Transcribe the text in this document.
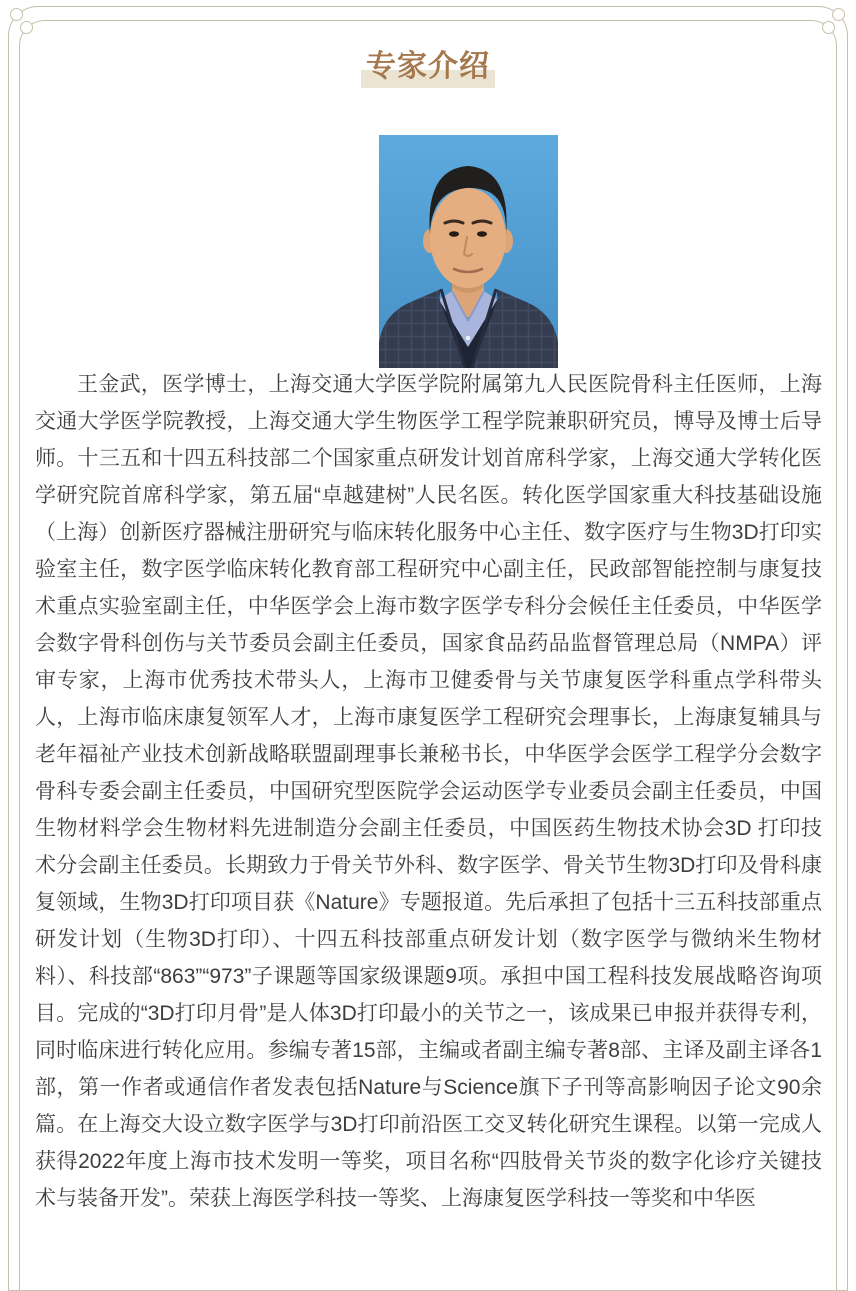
专家介绍

王金武，医学博士，上海交通大学医学院附属第九人民医院骨科主任医师，上海交通大学医学院教授，上海交通大学生物医学工程学院兼职研究员，博导及博士后导师。十三五和十四五科技部二个国家重点研发计划首席科学家，上海交通大学转化医学研究院首席科学家，第五届“卓越建树”人民名医。转化医学国家重大科技基础设施（上海）创新医疗器械注册研究与临床转化服务中心主任、数字医疗与生物3D打印实验室主任，数字医学临床转化教育部工程研究中心副主任，民政部智能控制与康复技术重点实验室副主任，中华医学会上海市数字医学专科分会候任主任委员，中华医学会数字骨科创伤与关节委员会副主任委员，国家食品药品监督管理总局（NMPA）评审专家，上海市优秀技术带头人，上海市卫健委骨与关节康复医学科重点学科带头人，上海市临床康复领军人才，上海市康复医学工程研究会理事长，上海康复辅具与老年福祉产业技术创新战略联盟副理事长兼秘书长，中华医学会医学工程学分会数字骨科专委会副主任委员，中国研究型医院学会运动医学专业委员会副主任委员，中国生物材料学会生物材料先进制造分会副主任委员，中国医药生物技术协会3D 打印技术分会副主任委员。长期致力于骨关节外科、数字医学、骨关节生物3D打印及骨科康复领域，生物3D打印项目获《Nature》专题报道。先后承担了包括十三五科技部重点研发计划（生物3D打印）、十四五科技部重点研发计划（数字医学与微纳米生物材料）、科技部“863”“973”子课题等国家级课题9项。承担中国工程科技发展战略咨询项目。完成的“3D打印月骨”是人体3D打印最小的关节之一，该成果已申报并获得专利，同时临床进行转化应用。参编专著15部，主编或者副主编专著8部、主译及副主译各1部，第一作者或通信作者发表包括Nature与Science旗下子刊等高影响因子论文90余篇。在上海交大设立数字医学与3D打印前沿医工交叉转化研究生课程。以第一完成人获得2022年度上海市技术发明一等奖，项目名称“四肢骨关节炎的数字化诊疗关键技术与装备开发”。荣获上海医学科技一等奖、上海康复医学科技一等奖和中华医
